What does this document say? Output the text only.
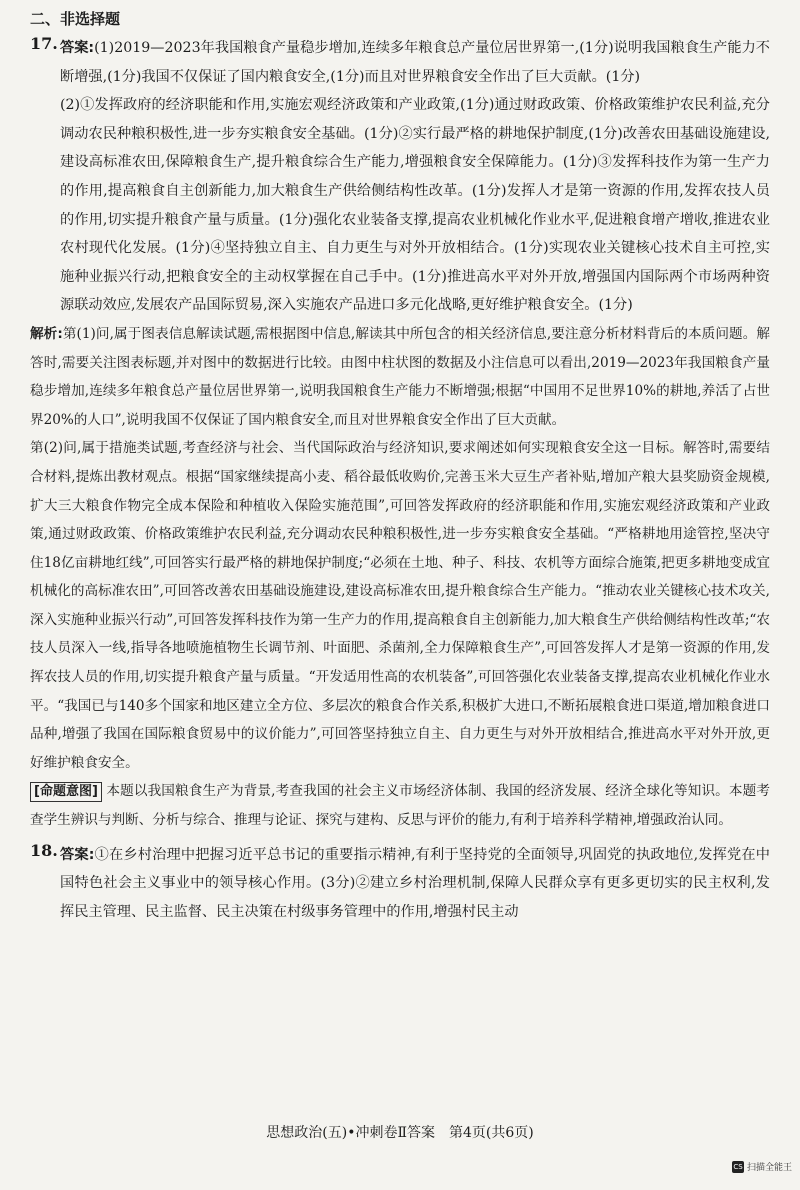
二、非选择题
17. 答案:(1)2019—2023年我国粮食产量稳步增加,连续多年粮食总产量位居世界第一,(1分)说明我国粮食生产能力不断增强,(1分)我国不仅保证了国内粮食安全,(1分)而且对世界粮食安全作出了巨大贡献。(1分)

(2)①发挥政府的经济职能和作用,实施宏观经济政策和产业政策,(1分)通过财政政策、价格政策维护农民利益,充分调动农民种粮积极性,进一步夯实粮食安全基础。(1分)②实行最严格的耕地保护制度,(1分)改善农田基础设施建设,建设高标准农田,保障粮食生产,提升粮食综合生产能力,增强粮食安全保障能力。(1分)③发挥科技作为第一生产力的作用,提高粮食自主创新能力,加大粮食生产供给侧结构性改革。(1分)发挥人才是第一资源的作用,发挥农技人员的作用,切实提升粮食产量与质量。(1分)强化农业装备支撑,提高农业机械化作业水平,促进粮食增产增收,推进农业农村现代化发展。(1分)④坚持独立自主、自力更生与对外开放相结合。(1分)实现农业关键核心技术自主可控,实施种业振兴行动,把粮食安全的主动权掌握在自己手中。(1分)推进高水平对外开放,增强国内国际两个市场两种资源联动效应,发展农产品国际贸易,深入实施农产品进口多元化战略,更好维护粮食安全。(1分)

解析:第(1)问,属于图表信息解读试题,需根据图中信息,解读其中所包含的相关经济信息,要注意分析材料背后的本质问题。解答时,需要关注图表标题,并对图中的数据进行比较。由图中柱状图的数据及小注信息可以看出,2019—2023年我国粮食产量稳步增加,连续多年粮食总产量位居世界第一,说明我国粮食生产能力不断增强;根据“中国用不足世界10%的耕地,养活了占世界20%的人口”,说明我国不仅保证了国内粮食安全,而且对世界粮食安全作出了巨大贡献。

第(2)问,属于措施类试题,考查经济与社会、当代国际政治与经济知识,要求阐述如何实现粮食安全这一目标。解答时,需要结合材料,提炼出教材观点。根据“国家继续提高小麦、稻谷最低收购价,完善玉米大豆生产者补贴,增加产粮大县奖励资金规模,扩大三大粮食作物完全成本保险和种植收入保险实施范围”,可回答发挥政府的经济职能和作用,实施宏观经济政策和产业政策,通过财政政策、价格政策维护农民利益,充分调动农民种粮积极性,进一步夯实粮食安全基础。“严格耕地用途管控,坚决守住18亿亩耕地红线”,可回答实行最严格的耕地保护制度;“必须在土地、种子、科技、农机等方面综合施策,把更多耕地变成宜机械化的高标准农田”,可回答改善农田基础设施建设,建设高标准农田,提升粮食综合生产能力。“推动农业关键核心技术攻关,深入实施种业振兴行动”,可回答发挥科技作为第一生产力的作用,提高粮食自主创新能力,加大粮食生产供给侧结构性改革;“农技人员深入一线,指导各地喷施植物生长调节剂、叶面肥、杀菌剂,全力保障粮食生产”,可回答发挥人才是第一资源的作用,发挥农技人员的作用,切实提升粮食产量与质量。“开发适用性高的农机装备”,可回答强化农业装备支撑,提高农业机械化作业水平。“我国已与140多个国家和地区建立全方位、多层次的粮食合作关系,积极扩大进口,不断拓展粮食进口渠道,增加粮食进口品种,增强了我国在国际粮食贸易中的议价能力”,可回答坚持独立自主、自力更生与对外开放相结合,推进高水平对外开放,更好维护粮食安全。

[命题意图] 本题以我国粮食生产为背景,考查我国的社会主义市场经济体制、我国的经济发展、经济全球化等知识。本题考查学生辨识与判断、分析与综合、推理与论证、探究与建构、反思与评价的能力,有利于培养科学精神,增强政治认同。

18. 答案:①在乡村治理中把握习近平总书记的重要指示精神,有利于坚持党的全面领导,巩固党的执政地位,发挥党在中国特色社会主义事业中的领导核心作用。(3分)②建立乡村治理机制,保障人民群众享有更多更切实的民主权利,发挥民主管理、民主监督、民主决策在村级事务管理中的作用,增强村民主动

思想政治(五)•冲刺卷Ⅱ答案　第4页(共6页)
CS 扫描全能王
